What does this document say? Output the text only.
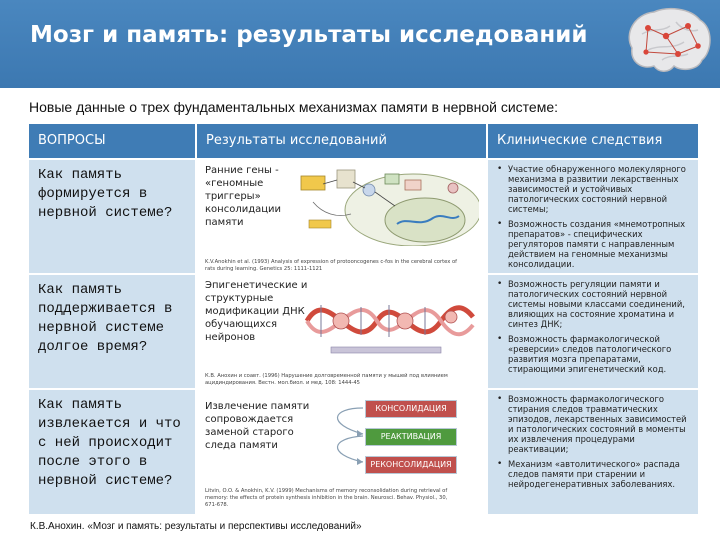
Мозг и память: результаты исследований
Новые данные о трех фундаментальных механизмах памяти в нервной системе:
ВОПРОСЫ	Результаты исследований	Клинические следствия
Как память формируется в нервной системе?
Ранние гены - «геномные триггеры» консолидации памяти
K.V.Anokhin et al. (1993) Analysis of expression of protooncogenes c-fos in the cerebral cortex of rats during learning. Genetics 25: 1111-1121
• Участие обнаруженного молекулярного механизма в развитии лекарственных зависимостей и устойчивых патологических состояний нервной системы;
• Возможность создания «мнемотропных препаратов» - специфических регуляторов памяти с направленным действием на геномные механизмы консолидации.
Как память поддерживается в нервной системе долгое время?
Эпигенетические и структурные модификации ДНК обучающихся нейронов
К.В. Анохин и соавт. (1996) Нарушение долговременной памяти у мышей под влиянием ацидиндирования. Вестн. мол.биол. и мед. 108: 1444-45
• Возможность регуляции памяти и патологических состояний нервной системы новыми классами соединений, влияющих на состояние хроматина и синтез ДНК;
• Возможность фармакологической «реверсии» следов патологического развития мозга препаратами, стирающими эпигенетический код.
Как память извлекается и что с ней происходит после этого в нервной системе?
Извлечение памяти сопровождается заменой старого следа памяти
КОНСОЛИДАЦИЯ
РЕАКТИВАЦИЯ
РЕКОНСОЛИДАЦИЯ
Litvin, O.O. & Anokhin, K.V. (1999) Mechanisms of memory reconsolidation during retrieval of memory: the effects of protein synthesis inhibition in the brain. Neurosci. Behav. Physiol., 30, 671-678.
• Возможность фармакологического стирания следов травматических эпизодов, лекарственных зависимостей и патологических состояний в моменты их извлечения процедурами реактивации;
• Механизм «автолитического» распада следов памяти при старении и нейродегенеративных заболеваниях.
К.В.Анохин. «Мозг и память: результаты и перспективы исследований»
